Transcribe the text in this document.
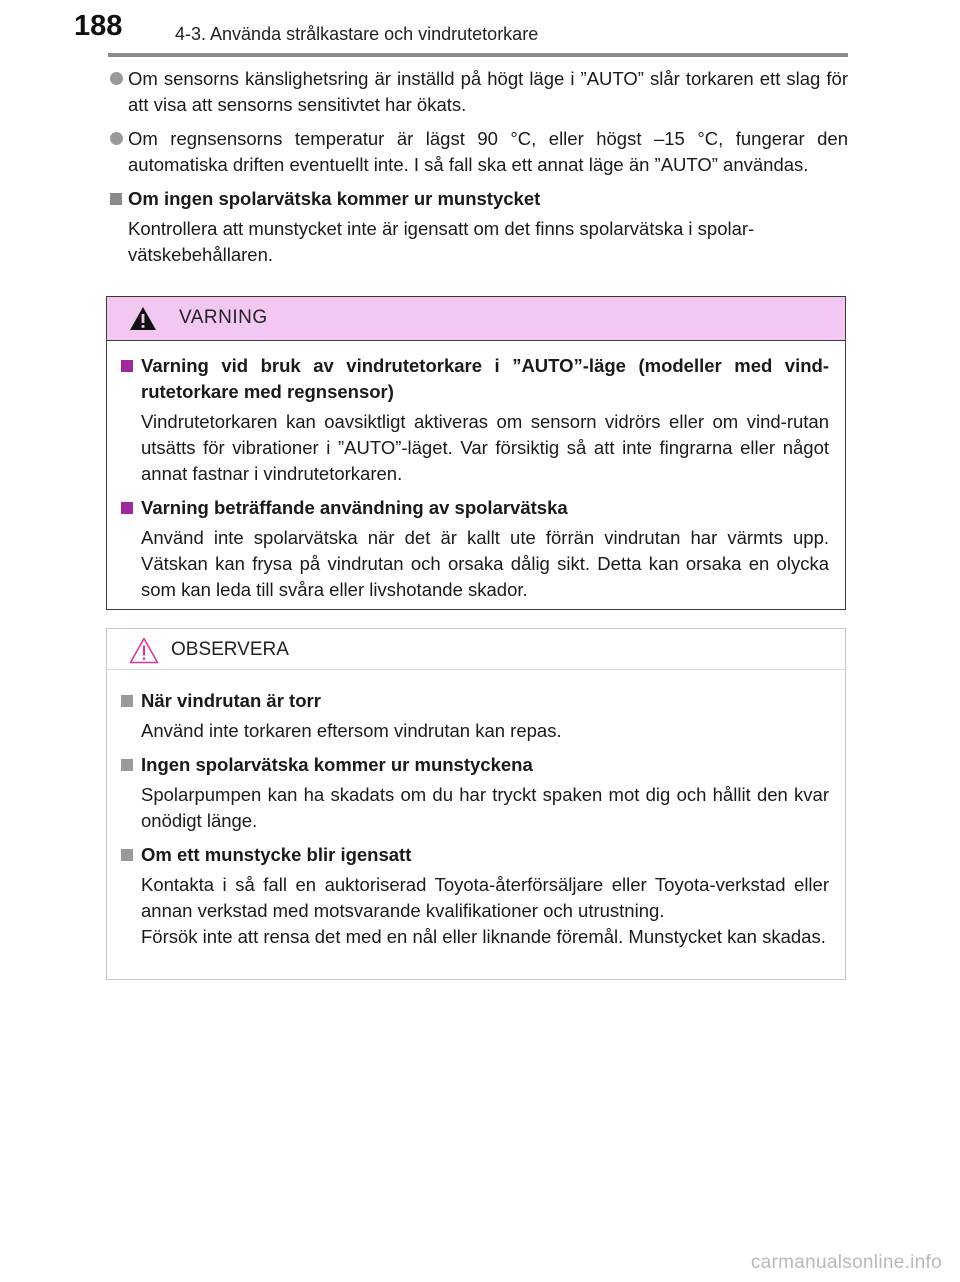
188	4-3. Använda strålkastare och vindrutetorkare
Om sensorns känslighetsring är inställd på högt läge i ”AUTO” slår torkaren ett slag för att visa att sensorns sensitivtet har ökats.
Om regnsensorns temperatur är lägst 90 °C, eller högst –15 °C, fungerar den automatiska driften eventuellt inte. I så fall ska ett annat läge än ”AUTO” användas.
Om ingen spolarvätska kommer ur munstycket
Kontrollera att munstycket inte är igensatt om det finns spolarvätska i spolar-vätskebehållaren.
VARNING
Varning vid bruk av vindrutetorkare i ”AUTO”-läge (modeller med vind-rutetorkare med regnsensor)
Vindrutetorkaren kan oavsiktligt aktiveras om sensorn vidrörs eller om vind-rutan utsätts för vibrationer i ”AUTO”-läget. Var försiktig så att inte fingrarna eller något annat fastnar i vindrutetorkaren.
Varning beträffande användning av spolarvätska
Använd inte spolarvätska när det är kallt ute förrän vindrutan har värmts upp. Vätskan kan frysa på vindrutan och orsaka dålig sikt. Detta kan orsaka en olycka som kan leda till svåra eller livshotande skador.
OBSERVERA
När vindrutan är torr
Använd inte torkaren eftersom vindrutan kan repas.
Ingen spolarvätska kommer ur munstyckena
Spolarpumpen kan ha skadats om du har tryckt spaken mot dig och hållit den kvar onödigt länge.
Om ett munstycke blir igensatt
Kontakta i så fall en auktoriserad Toyota-återförsäljare eller Toyota-verkstad eller annan verkstad med motsvarande kvalifikationer och utrustning.
Försök inte att rensa det med en nål eller liknande föremål. Munstycket kan skadas.
carmanualsonline.info
